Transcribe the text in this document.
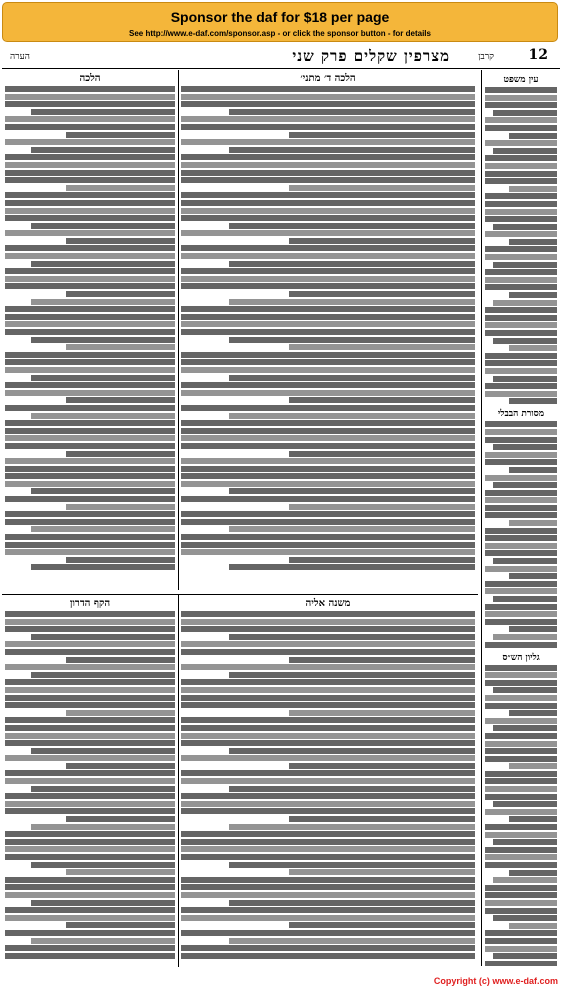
Sponsor the daf for $18 per page
See http://www.e-daf.com/sponsor.asp - or click the sponsor button - for details
12
קרבן
מצרפין שקלים פרק שני
הערה
עין משפט
מסורת הבבלי
גליון הש״ס
הלכה ד׳ מתני׳
הלכה
משנה אליה
הקף הדרון
Copyright (c) www.e-daf.com
